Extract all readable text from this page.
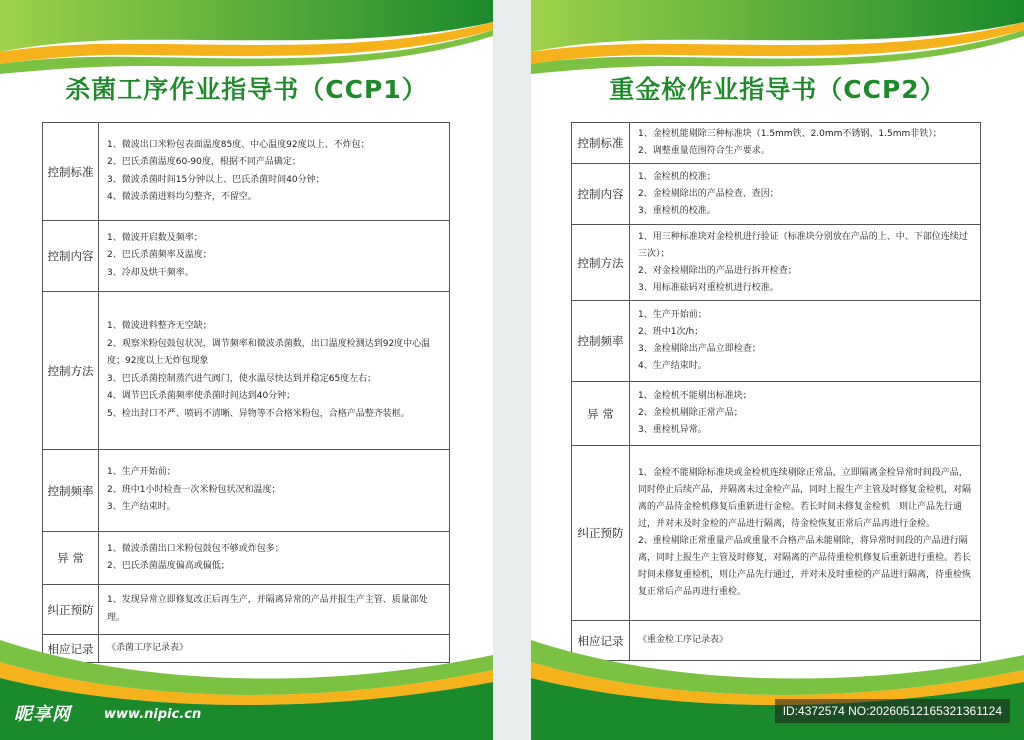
杀菌工序作业指导书（CCP1）
控制标准	1、微波出口米粉包表面温度85度、中心温度92度以上、不炸包；
2、巴氏杀菌温度60-90度，根据不同产品确定；
3、微波杀菌时间15分钟以上、巴氏杀菌时间40分钟；
4、微波杀菌进料均匀整齐，不留空。

控制内容	1、微波开启数及频率；
2、巴氏杀菌频率及温度；
3、冷却及烘干频率。

控制方法	1、微波进料整齐无空缺；
2、观察米粉包鼓包状况，调节频率和微波杀菌数，出口温度检测达到92度中心温度；92度以上无炸包现象
3、巴氏杀菌控制蒸汽进气阀门，使水温尽快达到并稳定65度左右；
4、调节巴氏杀菌频率使杀菌时间达到40分钟；
5、检出封口不严、喷码不清晰、异物等不合格米粉包，合格产品整齐装框。

控制频率	1、生产开始前；
2、班中1小时检查一次米粉包状况和温度；
3、生产结束时。

异 常	1、微波杀菌出口米粉包鼓包不够或炸包多；
2、巴氏杀菌温度偏高或偏低；

纠正预防	1、发现异常立即修复改正后再生产，并隔离异常的产品并报生产主管、质量部处理。

相应记录	《杀菌工序记录表》
重金检作业指导书（CCP2）
控制标准	1、金检机能剔除三种标准块（1.5mm铁、2.0mm不锈钢、1.5mm非铁）；
2、调整重量范围符合生产要求。

控制内容	1、金检机的校准；
2、金检剔除出的产品检查、查因；
3、重检机的校准。

控制方法	1、用三种标准块对金检机进行验证（标准块分别放在产品的上、中、下部位连续过三次）；
2、对金检剔除出的产品进行拆开检查；
3、用标准砝码对重检机进行校准。

控制频率	1、生产开始前；
2、班中1次/h；
3、金检剔除出产品立即检查；
4、生产结束时。

异 常	1、金检机不能剔出标准块；
2、金检机剔除正常产品；
3、重检机异常。

纠正预防	1、金检不能剔除标准块或金检机连续剔除正常品，立即隔离金检异常时间段产品，同时停止后续产品，并隔离未过金检产品，同时上报生产主管及时修复金检机，对隔离的产品待金检机修复后重新进行金检。若长时间未修复金检机　则让产品先行通过，并对未及时金检的产品进行隔离，待金检恢复正常后产品再进行金检。
2、重检剔除正常重量产品或重量不合格产品未能剔除，将异常时间段的产品进行隔离，同时上报生产主管及时修复，对隔离的产品待重检机修复后重新进行重检。若长时间未修复重检机，则让产品先行通过，并对未及时重检的产品进行隔离，待重检恢复正常后产品再进行重检。

相应记录	《重金检工序记录表》
昵享网	www.nipic.cn	ID:4372574 NO:20260512165321361124
